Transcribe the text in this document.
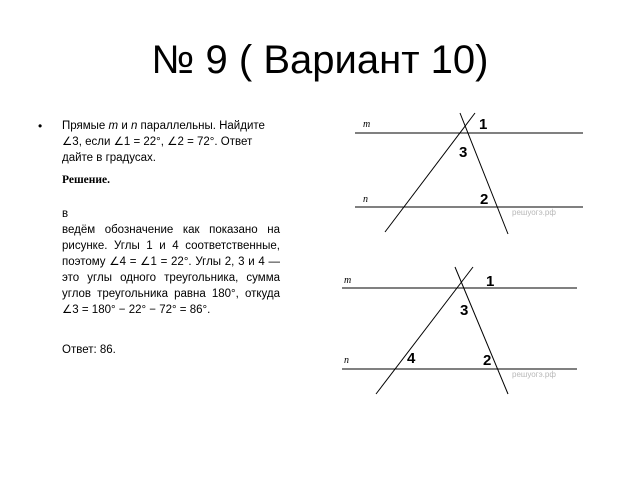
№ 9 ( Вариант 10)
• Прямые m и n параллельны. Найдите ∠3, если ∠1 = 22°, ∠2 = 72°. Ответ дайте в градусах.
Решение.
в
ведём обозначение как показано на рисунке. Углы 1 и 4 соответственные, поэтому ∠4 = ∠1 = 22°. Углы 2, 3 и 4 — это углы одного треугольника, сумма углов треугольника равна 180°, откуда ∠3 = 180° − 22° − 72° = 86°.
Ответ: 86.
m
n
1
3
2
решуогэ.рф
m
n
1
3
4	2
решуогэ.рф
